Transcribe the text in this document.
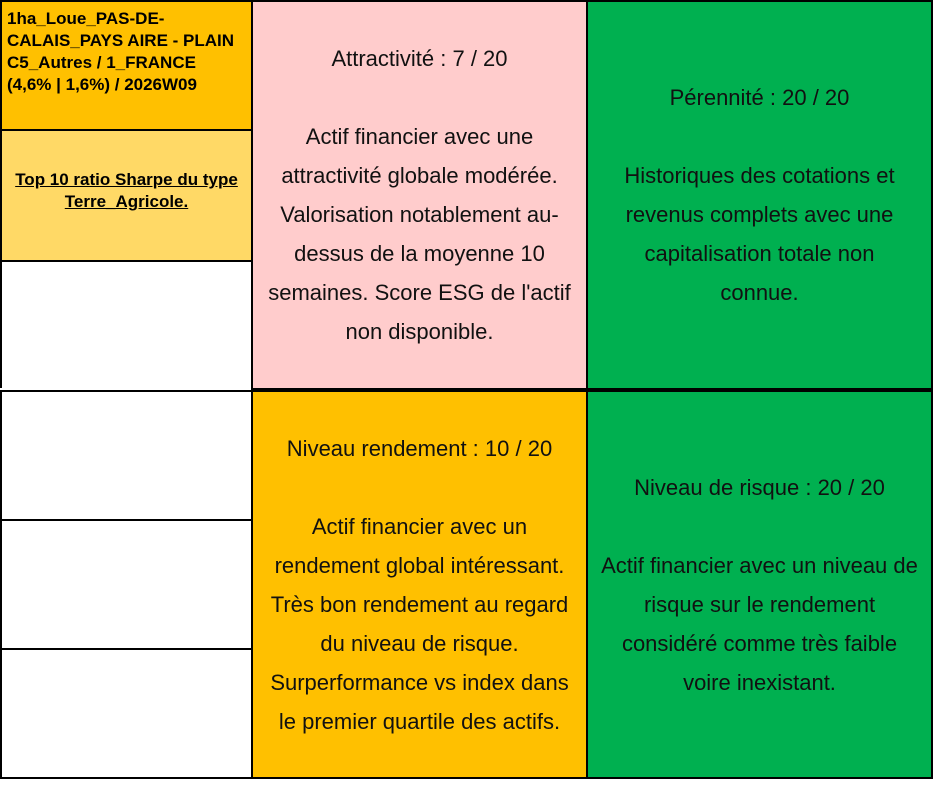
1ha_Loue_PAS-DE-
CALAIS_PAYS AIRE - PLAIN
C5_Autres / 1_FRANCE
(4,6% | 1,6%) / 2026W09
Top 10 ratio Sharpe du type
Terre_Agricole.
Attractivité : 7 / 20
Actif financier avec une
attractivité globale modérée.
Valorisation notablement au-
dessus de la moyenne 10
semaines. Score ESG de l'actif
non disponible.
Pérennité : 20 / 20
Historiques des cotations et
revenus complets avec une
capitalisation totale non
connue.
Niveau rendement : 10 / 20
Actif financier avec un
rendement global intéressant.
Très bon rendement au regard
du niveau de risque.
Surperformance vs index dans
le premier quartile des actifs.
Niveau de risque : 20 / 20
Actif financier avec un niveau de
risque sur le rendement
considéré comme très faible
voire inexistant.
